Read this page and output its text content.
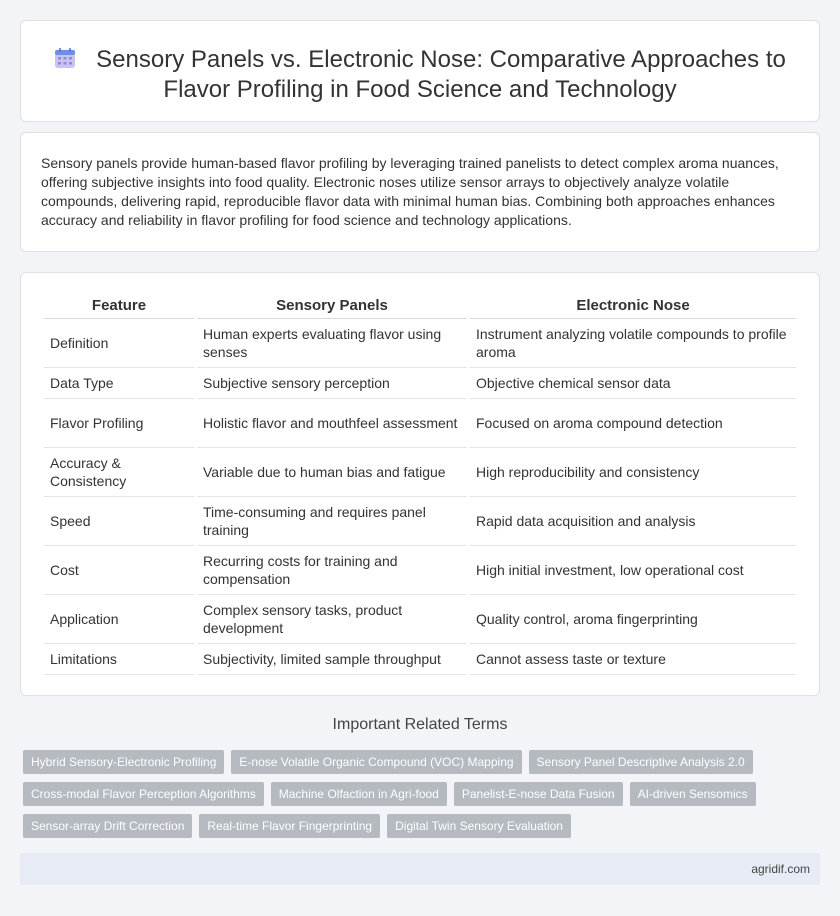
Sensory Panels vs. Electronic Nose: Comparative Approaches to
Flavor Profiling in Food Science and Technology

Sensory panels provide human-based flavor profiling by leveraging trained panelists to detect complex aroma nuances, offering subjective insights into food quality. Electronic noses utilize sensor arrays to objectively analyze volatile compounds, delivering rapid, reproducible flavor data with minimal human bias. Combining both approaches enhances accuracy and reliability in flavor profiling for food science and technology applications.

Feature	Sensory Panels	Electronic Nose
Definition	Human experts evaluating flavor using senses	Instrument analyzing volatile compounds to profile aroma
Data Type	Subjective sensory perception	Objective chemical sensor data
Flavor Profiling	Holistic flavor and mouthfeel assessment	Focused on aroma compound detection
Accuracy & Consistency	Variable due to human bias and fatigue	High reproducibility and consistency
Speed	Time-consuming and requires panel training	Rapid data acquisition and analysis
Cost	Recurring costs for training and compensation	High initial investment, low operational cost
Application	Complex sensory tasks, product development	Quality control, aroma fingerprinting
Limitations	Subjectivity, limited sample throughput	Cannot assess taste or texture
Important Related Terms
Hybrid Sensory-Electronic Profiling	E-nose Volatile Organic Compound (VOC) Mapping	Sensory Panel Descriptive Analysis 2.0
Cross-modal Flavor Perception Algorithms	Machine Olfaction in Agri-food	Panelist-E-nose Data Fusion	AI-driven Sensomics
Sensor-array Drift Correction	Real-time Flavor Fingerprinting	Digital Twin Sensory Evaluation
agridif.com
